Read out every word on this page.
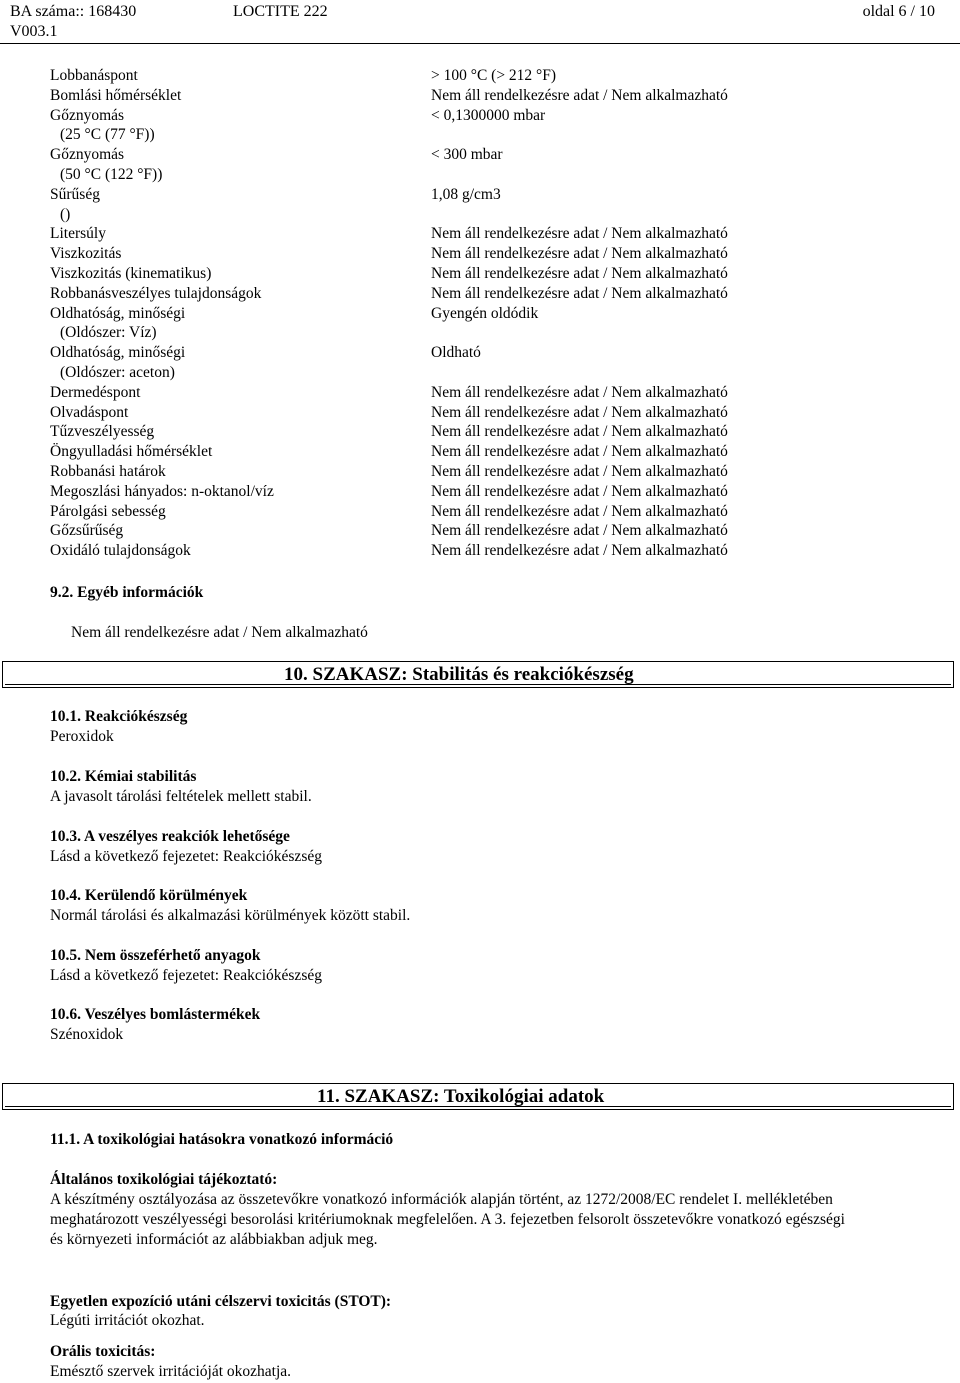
BA száma:: 168430
V003.1
LOCTITE 222	oldal 6 / 10
Lobbanáspont	> 100 °C (> 212 °F)
Bomlási hőmérséklet	Nem áll rendelkezésre adat / Nem alkalmazható
Gőznyomás	< 0,1300000 mbar
(25 °C (77 °F))
Gőznyomás	< 300 mbar
(50 °C (122 °F))
Sűrűség	1,08 g/cm3
()
Litersúly	Nem áll rendelkezésre adat / Nem alkalmazható
Viszkozitás	Nem áll rendelkezésre adat / Nem alkalmazható
Viszkozitás (kinematikus)	Nem áll rendelkezésre adat / Nem alkalmazható
Robbanásveszélyes tulajdonságok	Nem áll rendelkezésre adat / Nem alkalmazható
Oldhatóság, minőségi	Gyengén oldódik
(Oldószer: Víz)
Oldhatóság, minőségi	Oldható
(Oldószer: aceton)
Dermedéspont	Nem áll rendelkezésre adat / Nem alkalmazható
Olvadáspont	Nem áll rendelkezésre adat / Nem alkalmazható
Tűzveszélyesség	Nem áll rendelkezésre adat / Nem alkalmazható
Öngyulladási hőmérséklet	Nem áll rendelkezésre adat / Nem alkalmazható
Robbanási határok	Nem áll rendelkezésre adat / Nem alkalmazható
Megoszlási hányados: n-oktanol/víz	Nem áll rendelkezésre adat / Nem alkalmazható
Párolgási sebesség	Nem áll rendelkezésre adat / Nem alkalmazható
Gőzsűrűség	Nem áll rendelkezésre adat / Nem alkalmazható
Oxidáló tulajdonságok	Nem áll rendelkezésre adat / Nem alkalmazható
9.2. Egyéb információk
Nem áll rendelkezésre adat / Nem alkalmazható
10. SZAKASZ: Stabilitás és reakciókészség
10.1. Reakciókészség
Peroxidok
10.2. Kémiai stabilitás
A javasolt tárolási feltételek mellett stabil.
10.3. A veszélyes reakciók lehetősége
Lásd a következő fejezetet: Reakciókészség
10.4. Kerülendő körülmények
Normál tárolási és alkalmazási körülmények között stabil.
10.5. Nem összeférhető anyagok
Lásd a következő fejezetet: Reakciókészség
10.6. Veszélyes bomlástermékek
Szénoxidok
11. SZAKASZ: Toxikológiai adatok
11.1. A toxikológiai hatásokra vonatkozó információ
Általános toxikológiai tájékoztató:
A készítmény osztályozása az összetevőkre vonatkozó információk alapján történt, az 1272/2008/EC rendelet I. mellékletében
meghatározott veszélyességi besorolási kritériumoknak megfelelően. A 3. fejezetben felsorolt összetevőkre vonatkozó egészségi
és környezeti információt az alábbiakban adjuk meg.
Egyetlen expozíció utáni célszervi toxicitás (STOT):
Légúti irritációt okozhat.
Orális toxicitás:
Emésztő szervek irritációját okozhatja.
